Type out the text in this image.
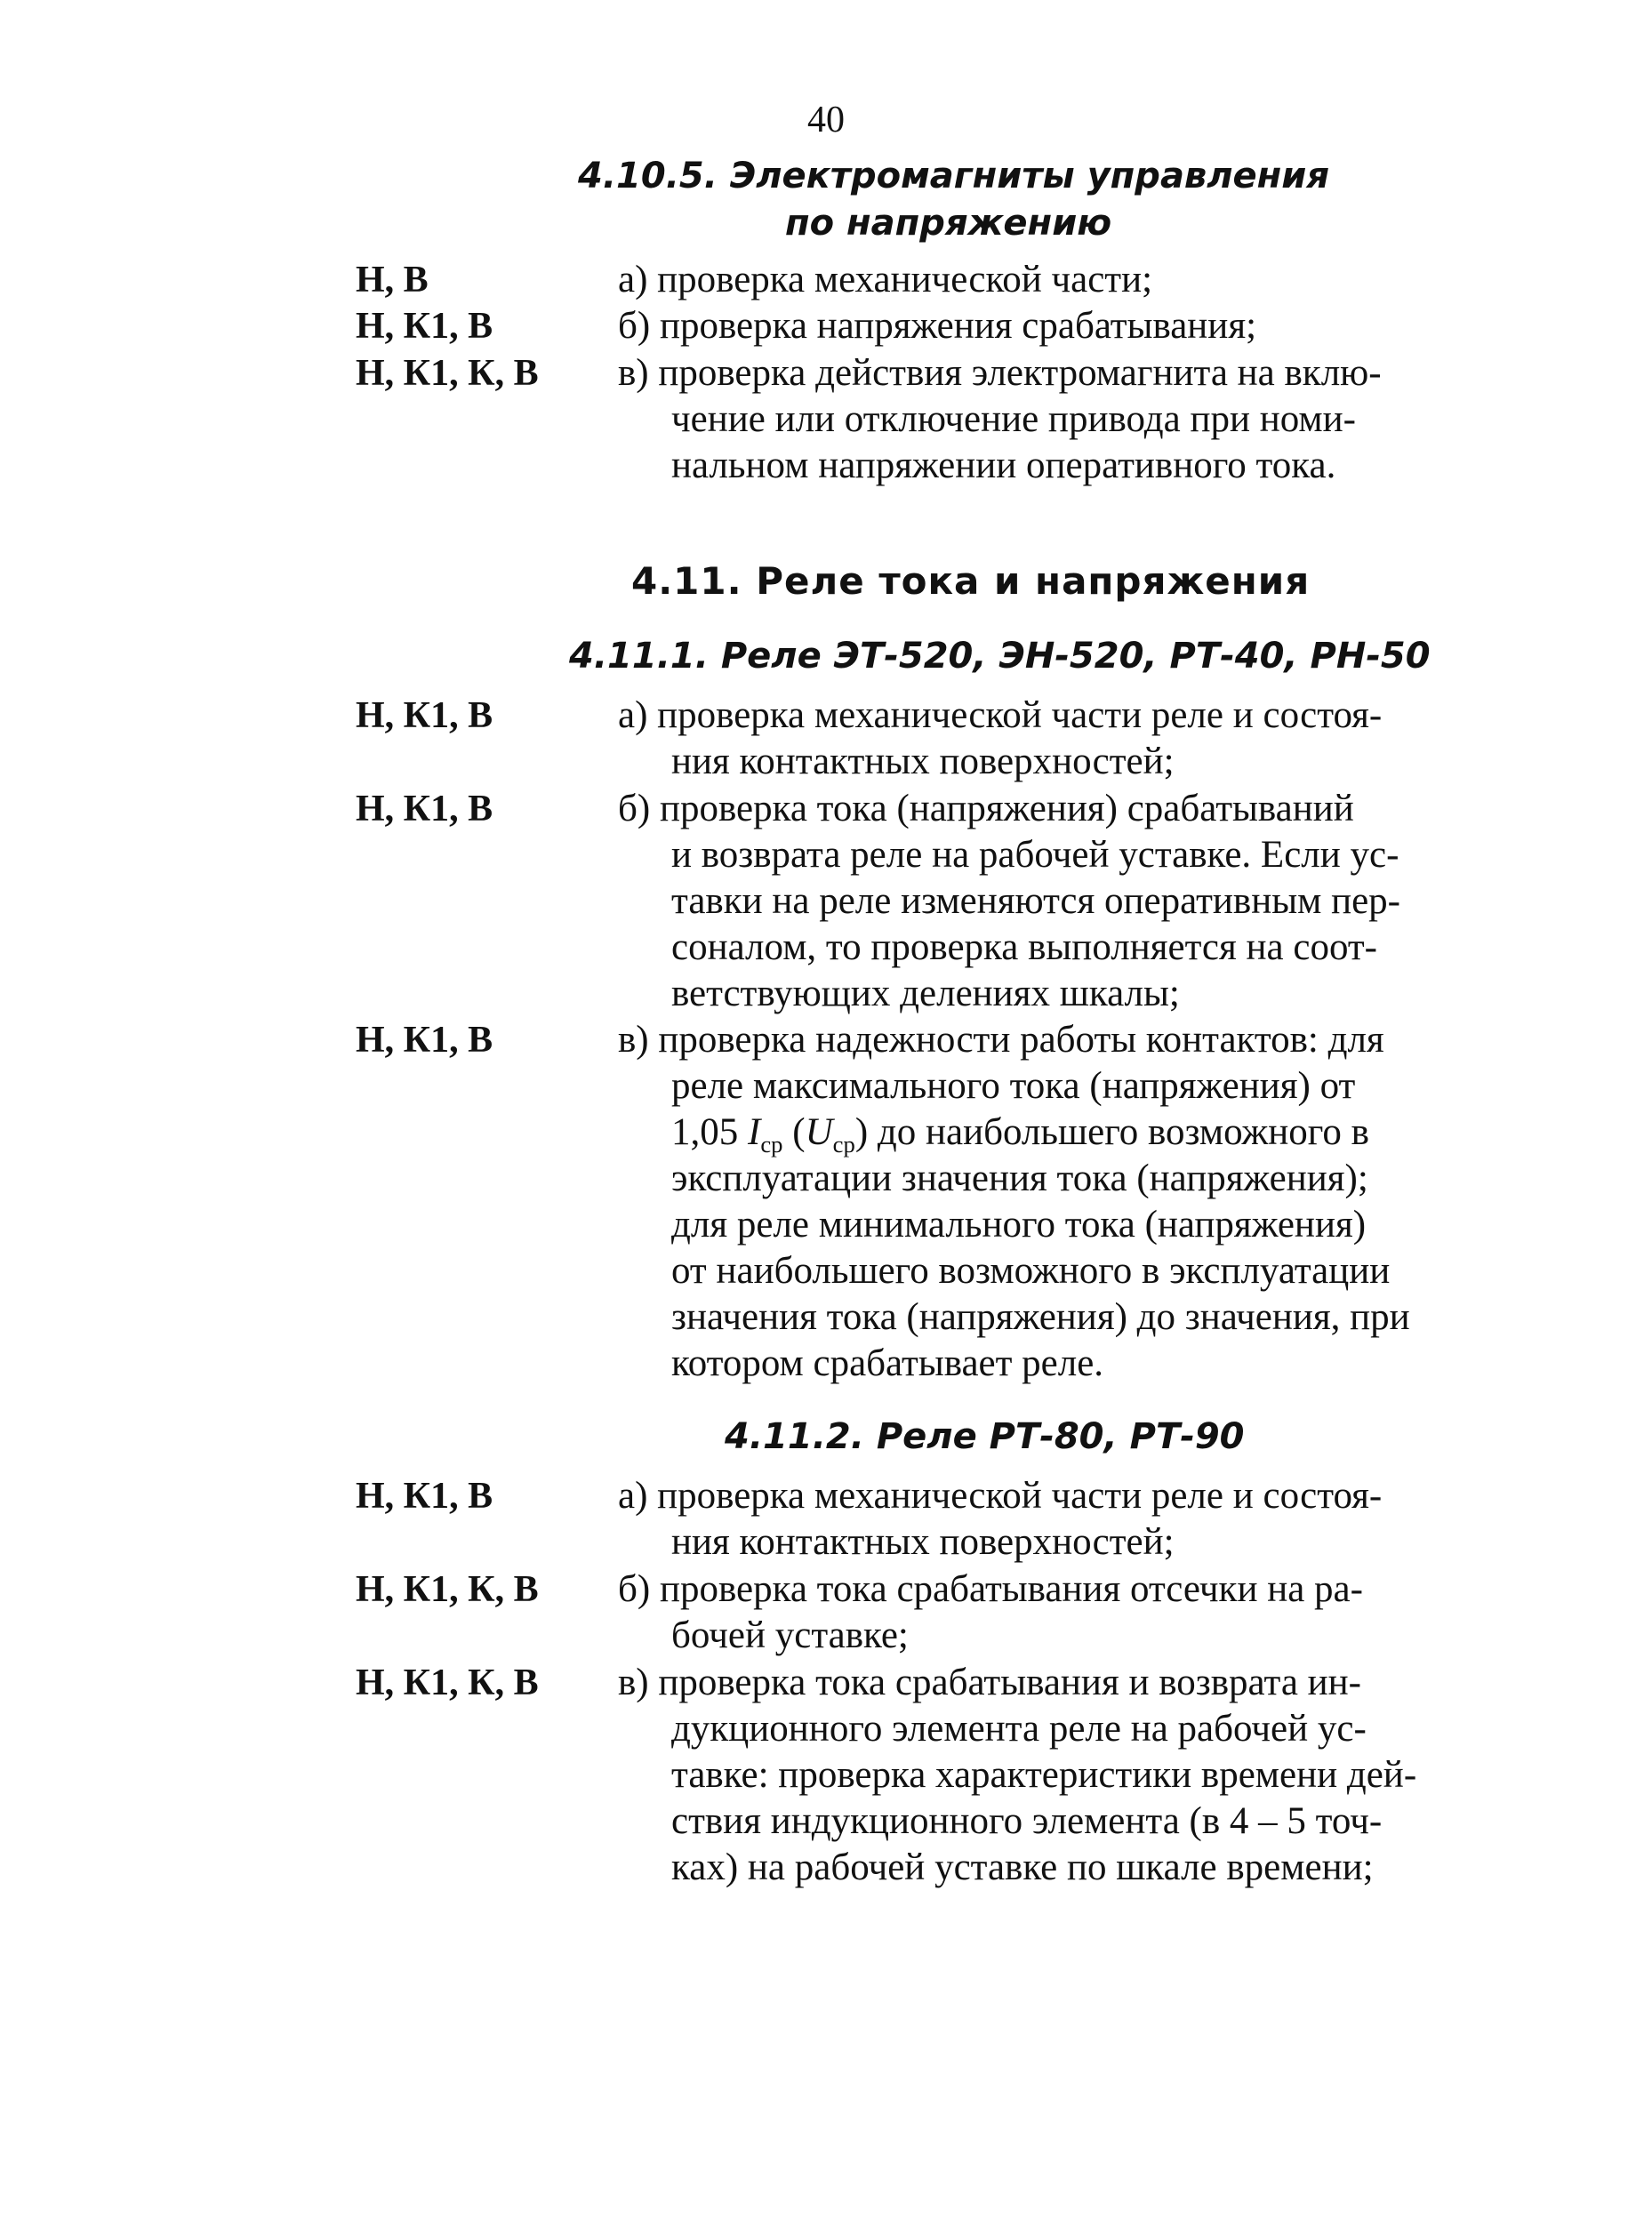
40
4.10.5. Электромагниты управления
по напряжению
Н, В	а) проверка механической части;
Н, К1, В	б) проверка напряжения срабатывания;
Н, К1, К, В в) проверка действия электромагнита на вклю-
чение или отключение привода при номи-
нальном напряжении оперативного тока.
4.11. Реле тока и напряжения
4.11.1. Реле ЭТ-520, ЭН-520, РТ-40, РН-50
Н, К1, В	а) проверка механической части реле и состоя-
ния контактных поверхностей;
Н, К1, В	б) проверка тока (напряжения) срабатываний
и возврата реле на рабочей уставке. Если ус-
тавки на реле изменяются оперативным пер-
соналом, то проверка выполняется на соот-
ветствующих делениях шкалы;
Н, К1, В	в) проверка надежности работы контактов: для
реле максимального тока (напряжения) от
1,05 $I_{ср}$ $(U_{ср})$ до наибольшего возможного в
эксплуатации значения тока (напряжения);
для реле минимального тока (напряжения)
от наибольшего возможного в эксплуатации
значения тока (напряжения) до значения, при
котором срабатывает реле.
4.11.2. Реле РТ-80, РТ-90
Н, К1, В	а) проверка механической части реле и состоя-
ния контактных поверхностей;
Н, К1, К, В б) проверка тока срабатывания отсечки на ра-
бочей уставке;
Н, К1, К, В в) проверка тока срабатывания и возврата ин-
дукционного элемента реле на рабочей ус-
тавке: проверка характеристики времени дей-
ствия индукционного элемента (в 4 – 5 точ-
ках) на рабочей уставке по шкале времени;
